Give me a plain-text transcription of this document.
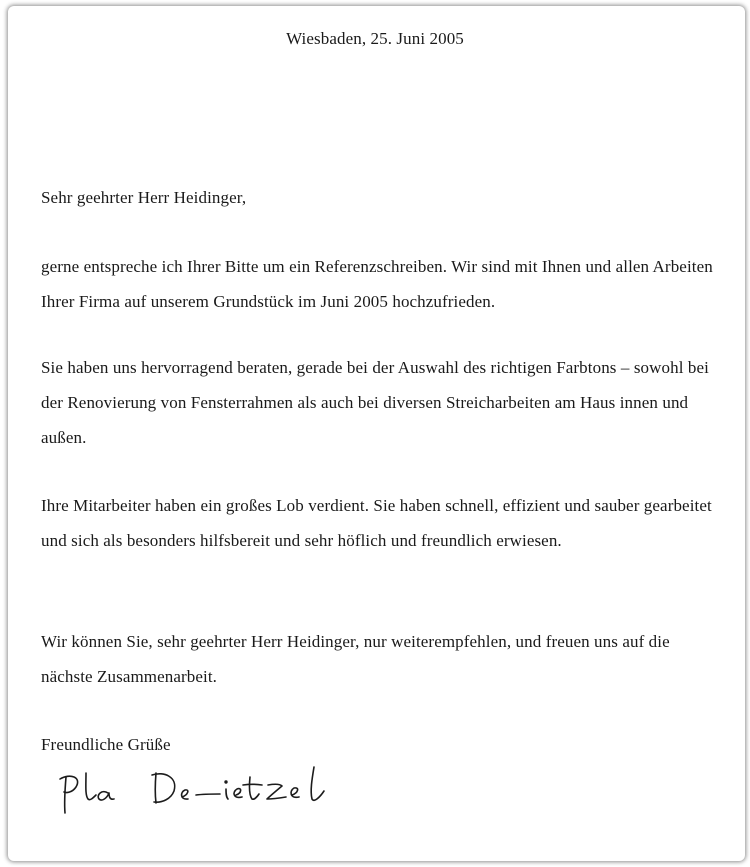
Wiesbaden, 25. Juni 2005

Sehr geehrter Herr Heidinger,

gerne entspreche ich Ihrer Bitte um ein Referenzschreiben. Wir sind mit Ihnen und allen Arbeiten Ihrer Firma auf unserem Grundstück im Juni 2005 hochzufrieden.

Sie haben uns hervorragend beraten, gerade bei der Auswahl des richtigen Farbtons – sowohl bei der Renovierung von Fensterrahmen als auch bei diversen Streicharbeiten am Haus innen und außen.

Ihre Mitarbeiter haben ein großes Lob verdient. Sie haben schnell, effizient und sauber gearbeitet und sich als besonders hilfsbereit und sehr höflich und freundlich erwiesen.

Wir können Sie, sehr geehrter Herr Heidinger, nur weiterempfehlen, und freuen uns auf die nächste Zusammenarbeit.

Freundliche Grüße
